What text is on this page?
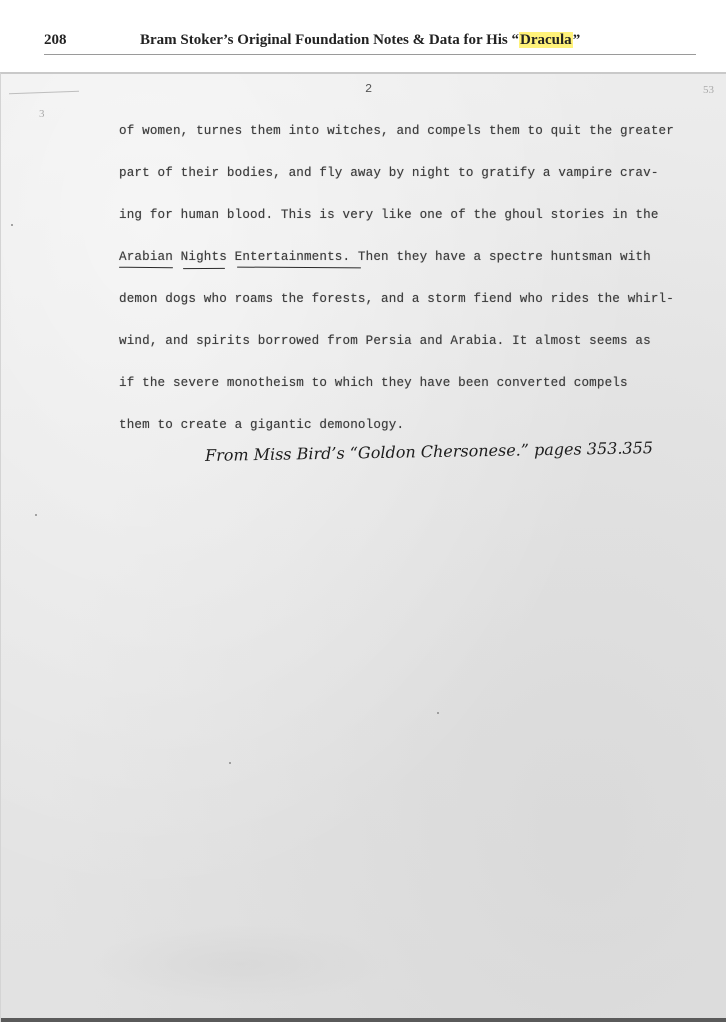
208	Bram Stoker’s Original Foundation Notes & Data for His “Dracula”
2
3
53
of women, turnes them into witches, and compels them to quit the greater
part of their bodies, and fly away by night to gratify a vampire crav-
ing for human blood. This is very like one of the ghoul stories in the
Arabian Nights Entertainments. Then they have a spectre huntsman with
demon dogs who roams the forests, and a storm fiend who rides the whirl-
wind, and spirits borrowed from Persia and Arabia. It almost seems as
if the severe monotheism to which they have been converted compels
them to create a gigantic demonology.
From Miss Bird’s “Goldon Chersonese.” pages 353.355
